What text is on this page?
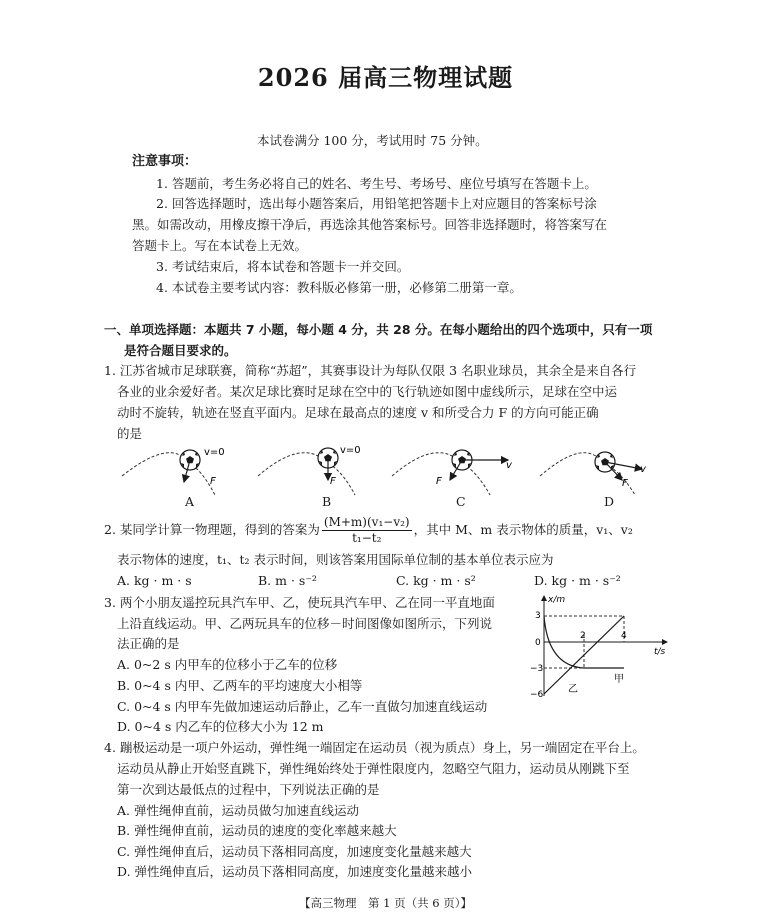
2026 届高三物理试题
本试卷满分 100 分，考试用时 75 分钟。
注意事项：
1. 答题前，考生务必将自己的姓名、考生号、考场号、座位号填写在答题卡上。
2. 回答选择题时，选出每小题答案后，用铅笔把答题卡上对应题目的答案标号涂
黑。如需改动，用橡皮擦干净后，再选涂其他答案标号。回答非选择题时，将答案写在
答题卡上。写在本试卷上无效。
3. 考试结束后，将本试卷和答题卡一并交回。
4. 本试卷主要考试内容：教科版必修第一册，必修第二册第一章。
一、单项选择题：本题共 7 小题，每小题 4 分，共 28 分。在每小题给出的四个选项中，只有一项
是符合题目要求的。
1. 江苏省城市足球联赛，简称“苏超”，其赛事设计为每队仅限 3 名职业球员，其余全是来自各行
各业的业余爱好者。某次足球比赛时足球在空中的飞行轨迹如图中虚线所示，足球在空中运
动时不旋转，轨迹在竖直平面内。足球在最高点的速度 v 和所受合力 F 的方向可能正确
的是
v=0
F
v=0
F
v
F
v
F
A	B	C	D
2. 某同学计算一物理题，得到的答案为 $\frac{\text{(M+m)(v₁−v₂)}}{\text{t₁−t₂}}$ ，其中 M、m 表示物体的质量，v₁、v₂
表示物体的速度，t₁、t₂ 表示时间，则该答案用国际单位制的基本单位表示应为
A. kg · m · s	B. m · s⁻²	C. kg · m · s²	D. kg · m · s⁻²
3. 两个小朋友遥控玩具汽车甲、乙，使玩具汽车甲、乙在同一平直地面
上沿直线运动。甲、乙两玩具车的位移－时间图像如图所示，下列说
法正确的是
A. 0~2 s 内甲车的位移小于乙车的位移
B. 0~4 s 内甲、乙两车的平均速度大小相等
C. 0~4 s 内甲车先做加速运动后静止，乙车一直做匀加速直线运动
D. 0~4 s 内乙车的位移大小为 12 m
x/m
t/s
3
0
−3
−6
2	4
甲
乙
4. 蹦极运动是一项户外运动，弹性绳一端固定在运动员（视为质点）身上，另一端固定在平台上。
运动员从静止开始竖直跳下，弹性绳始终处于弹性限度内，忽略空气阻力，运动员从刚跳下至
第一次到达最低点的过程中，下列说法正确的是
A. 弹性绳伸直前，运动员做匀加速直线运动
B. 弹性绳伸直前，运动员的速度的变化率越来越大
C. 弹性绳伸直后，运动员下落相同高度，加速度变化量越来越大
D. 弹性绳伸直后，运动员下落相同高度，加速度变化量越来越小
【高三物理　第 1 页（共 6 页）】
